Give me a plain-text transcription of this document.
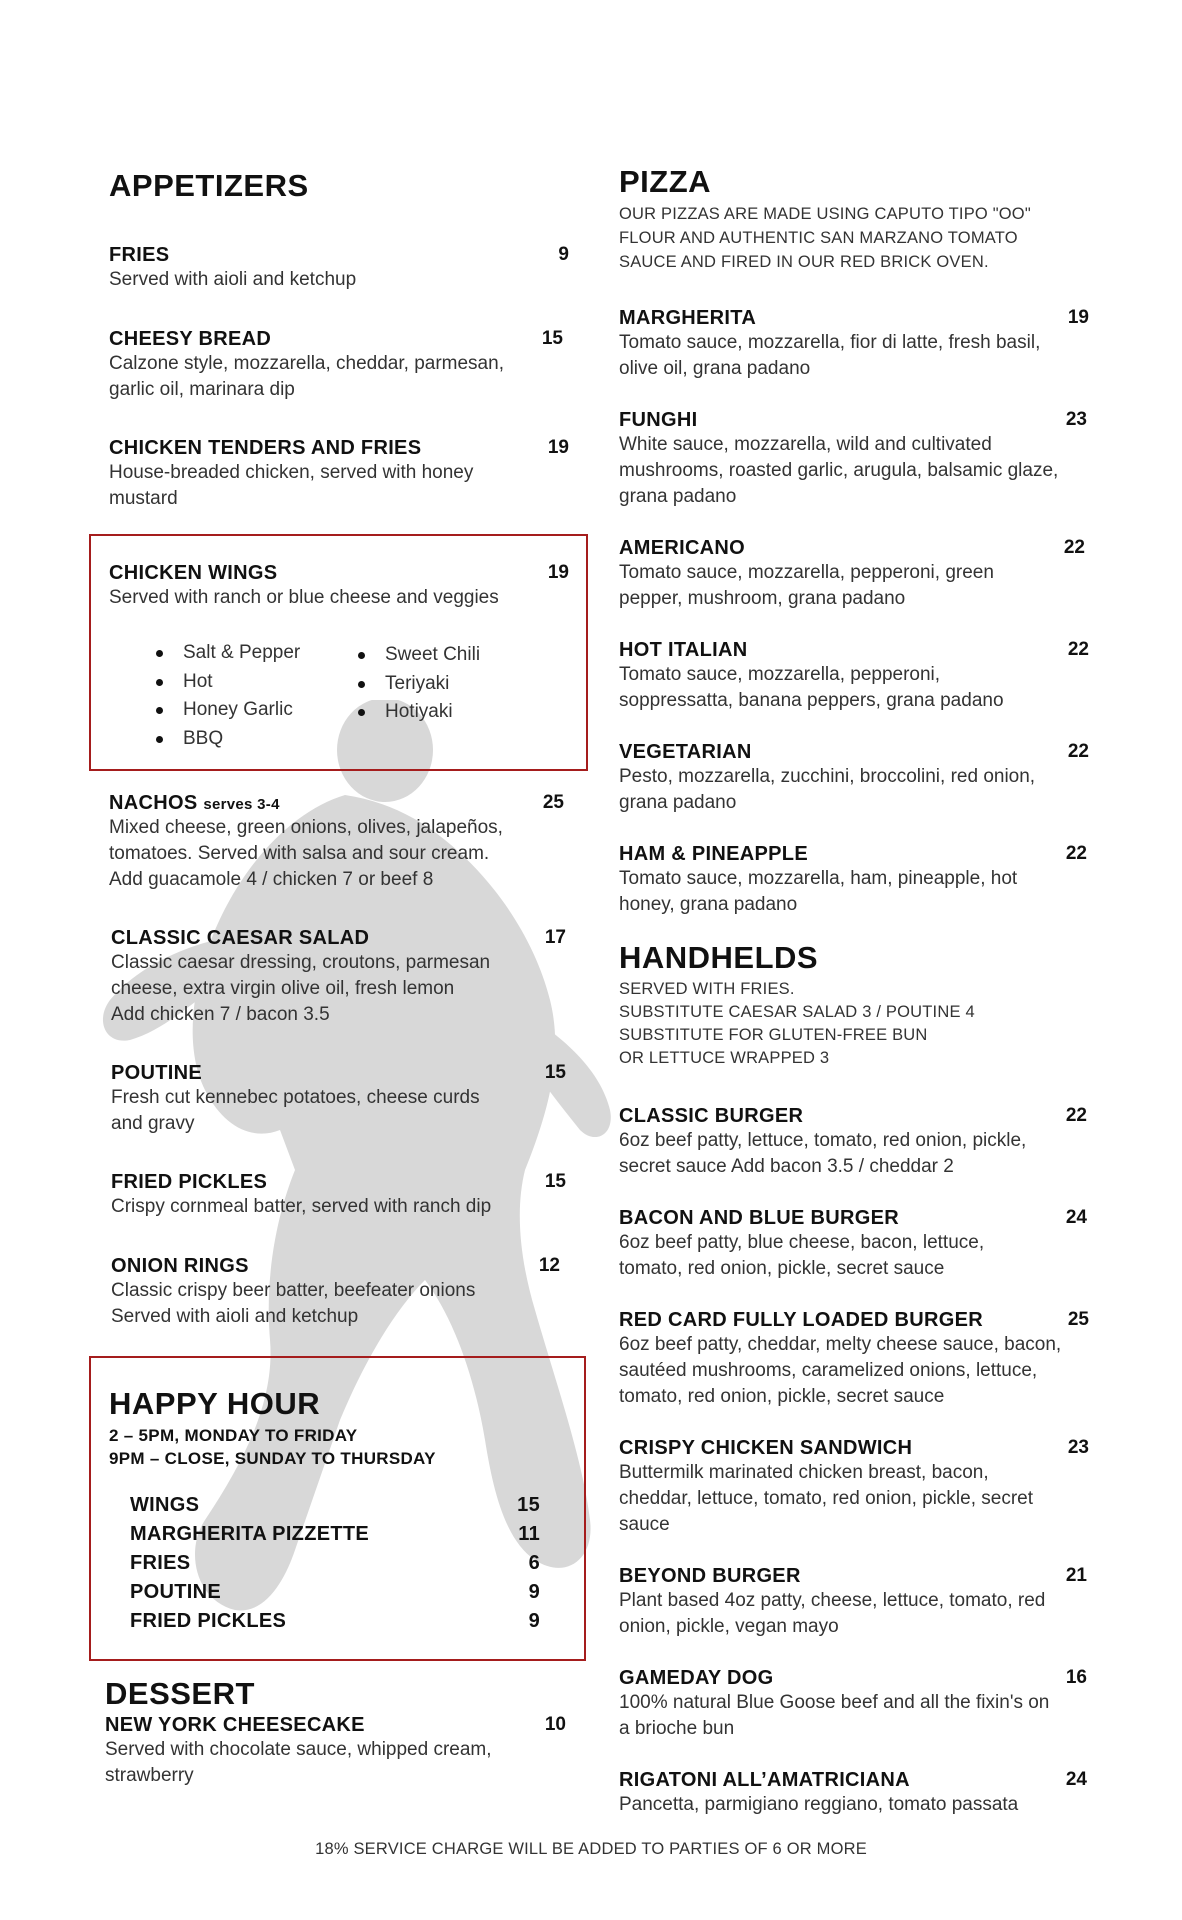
APPETIZERS
FRIES	9
Served with aioli and ketchup
CHEESY BREAD	15
Calzone style, mozzarella, cheddar, parmesan, garlic oil, marinara dip
CHICKEN TENDERS AND FRIES	19
House-breaded chicken, served with honey mustard
CHICKEN WINGS	19
Served with ranch or blue cheese and veggies
Salt & Pepper
Hot
Honey Garlic
BBQ
Sweet Chili
Teriyaki
Hotiyaki
NACHOS serves 3-4	25
Mixed cheese, green onions, olives, jalapeños, tomatoes. Served with salsa and sour cream.
Add guacamole 4 / chicken 7 or beef 8
CLASSIC CAESAR SALAD	17
Classic caesar dressing, croutons, parmesan cheese, extra virgin olive oil, fresh lemon
Add chicken 7 / bacon 3.5
POUTINE	15
Fresh cut kennebec potatoes, cheese curds and gravy
FRIED PICKLES	15
Crispy cornmeal batter, served with ranch dip
ONION RINGS	12
Classic crispy beer batter, beefeater onions
Served with aioli and ketchup
HAPPY HOUR
2 – 5PM, MONDAY TO FRIDAY
9PM – CLOSE, SUNDAY TO THURSDAY
WINGS	15
MARGHERITA PIZZETTE	11
FRIES	6
POUTINE	9
FRIED PICKLES	9
DESSERT
NEW YORK CHEESECAKE	10
Served with chocolate sauce, whipped cream, strawberry
PIZZA
OUR PIZZAS ARE MADE USING CAPUTO TIPO "OO" FLOUR AND AUTHENTIC SAN MARZANO TOMATO SAUCE AND FIRED IN OUR RED BRICK OVEN.
MARGHERITA	19
Tomato sauce, mozzarella, fior di latte, fresh basil, olive oil, grana padano
FUNGHI	23
White sauce, mozzarella, wild and cultivated mushrooms, roasted garlic, arugula, balsamic glaze, grana padano
AMERICANO	22
Tomato sauce, mozzarella, pepperoni, green pepper, mushroom, grana padano
HOT ITALIAN	22
Tomato sauce, mozzarella, pepperoni, soppressatta, banana peppers, grana padano
VEGETARIAN	22
Pesto, mozzarella, zucchini, broccolini, red onion, grana padano
HAM & PINEAPPLE	22
Tomato sauce, mozzarella, ham, pineapple, hot honey, grana padano
HANDHELDS
SERVED WITH FRIES.
SUBSTITUTE CAESAR SALAD 3 / POUTINE 4
SUBSTITUTE FOR GLUTEN-FREE BUN
OR LETTUCE WRAPPED 3
CLASSIC BURGER	22
6oz beef patty, lettuce, tomato, red onion, pickle, secret sauce Add bacon 3.5 / cheddar 2
BACON AND BLUE BURGER	24
6oz beef patty, blue cheese, bacon, lettuce, tomato, red onion, pickle, secret sauce
RED CARD FULLY LOADED BURGER	25
6oz beef patty, cheddar, melty cheese sauce, bacon, sautéed mushrooms, caramelized onions, lettuce, tomato, red onion, pickle, secret sauce
CRISPY CHICKEN SANDWICH	23
Buttermilk marinated chicken breast, bacon, cheddar, lettuce, tomato, red onion, pickle, secret sauce
BEYOND BURGER	21
Plant based 4oz patty, cheese, lettuce, tomato, red onion, pickle, vegan mayo
GAMEDAY DOG	16
100% natural Blue Goose beef and all the fixin's on a brioche bun
RIGATONI ALL’AMATRICIANA	24
Pancetta, parmigiano reggiano, tomato passata
18% SERVICE CHARGE WILL BE ADDED TO PARTIES OF 6 OR MORE
